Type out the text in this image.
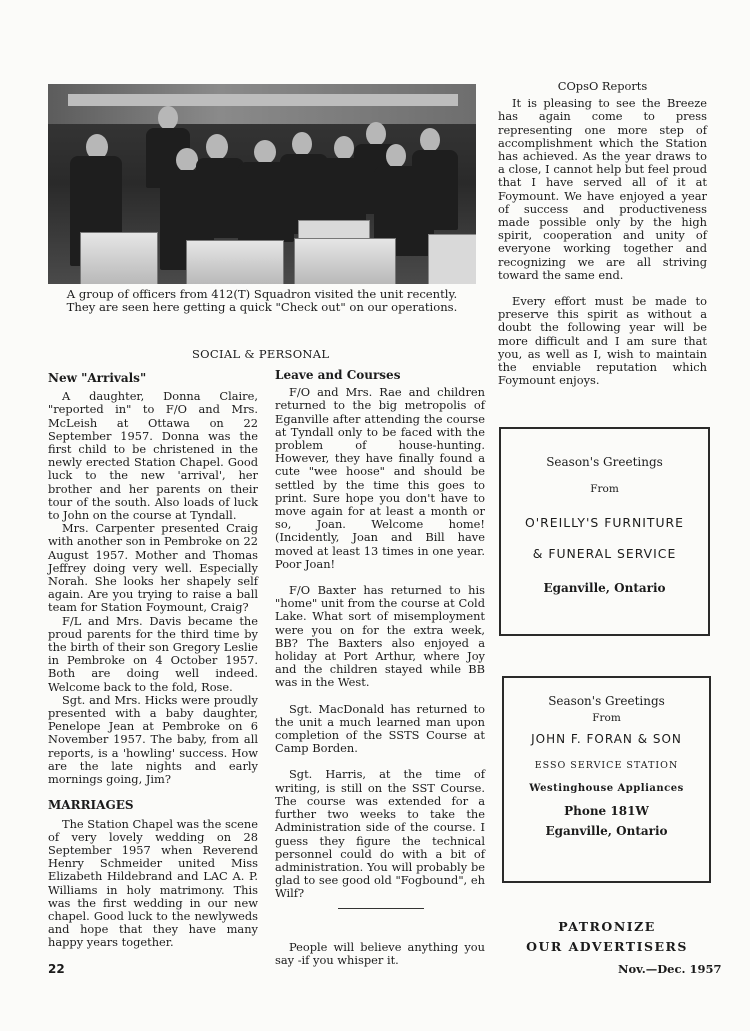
A group of officers from 412(T) Squadron visited the unit recently. They are seen here getting a quick "Check out" on our operations.
SOCIAL & PERSONAL
New "Arrivals"

A daughter, Donna Claire, "reported in" to F/O and Mrs. McLeish at Ottawa on 22 September 1957. Donna was the first child to be christened in the newly erected Station Chapel. Good luck to the new 'arrival', her brother and her parents on their tour of the south. Also loads of luck to John on the course at Tyndall.

Mrs. Carpenter presented Craig with another son in Pembroke on 22 August 1957. Mother and Thomas Jeffrey doing very well. Especially Norah. She looks her shapely self again. Are you trying to raise a ball team for Station Foymount, Craig?

F/L and Mrs. Davis became the proud parents for the third time by the birth of their son Gregory Leslie in Pembroke on 4 October 1957. Both are doing well indeed. Welcome back to the fold, Rose.

Sgt. and Mrs. Hicks were proudly presented with a baby daughter, Penelope Jean at Pembroke on 6 November 1957. The baby, from all reports, is a 'howling' success. How are the late nights and early mornings going, Jim?

MARRIAGES

The Station Chapel was the scene of very lovely wedding on 28 September 1957 when Reverend Henry Schmeider united Miss Elizabeth Hildebrand and LAC A. P. Williams in holy matrimony. This was the first wedding in our new chapel. Good luck to the newlyweds and hope that they have many happy years together.

Leave and Courses

F/O and Mrs. Rae and children returned to the big metropolis of Eganville after attending the course at Tyndall only to be faced with the problem of house-hunting. However, they have finally found a cute "wee hoose" and should be settled by the time this goes to print. Sure hope you don't have to move again for at least a month or so, Joan. Welcome home! (Incidently, Joan and Bill have moved at least 13 times in one year. Poor Joan!

F/O Baxter has returned to his "home" unit from the course at Cold Lake. What sort of misemployment were you on for the extra week, BB? The Baxters also enjoyed a holiday at Port Arthur, where Joy and the children stayed while BB was in the West.

Sgt. MacDonald has returned to the unit a much learned man upon completion of the SSTS Course at Camp Borden.

Sgt. Harris, at the time of writing, is still on the SST Course. The course was extended for a further two weeks to take the Administration side of the course. I guess they figure the technical personnel could do with a bit of administration. You will probably be glad to see good old "Fogbound", eh Wilf?

People will believe anything you say -if you whisper it.

COpsO Reports

It is pleasing to see the Breeze has again come to press representing one more step of accomplishment which the Station has achieved. As the year draws to a close, I cannot help but feel proud that I have served all of it at Foymount. We have enjoyed a year of success and productiveness made possible only by the high spirit, cooperation and unity of everyone working together and recognizing we are all striving toward the same end.

Every effort must be made to preserve this spirit as without a doubt the following year will be more difficult and I am sure that you, as well as I, wish to maintain the enviable reputation which Foymount enjoys.

Season's Greetings
From
O'REILLY'S FURNITURE
& FUNERAL SERVICE
Eganville, Ontario
Season's Greetings
From
JOHN F. FORAN & SON
ESSO SERVICE STATION
Westinghouse Appliances
Phone 181W
Eganville, Ontario
PATRONIZE
OUR ADVERTISERS
22	Nov.—Dec. 1957
